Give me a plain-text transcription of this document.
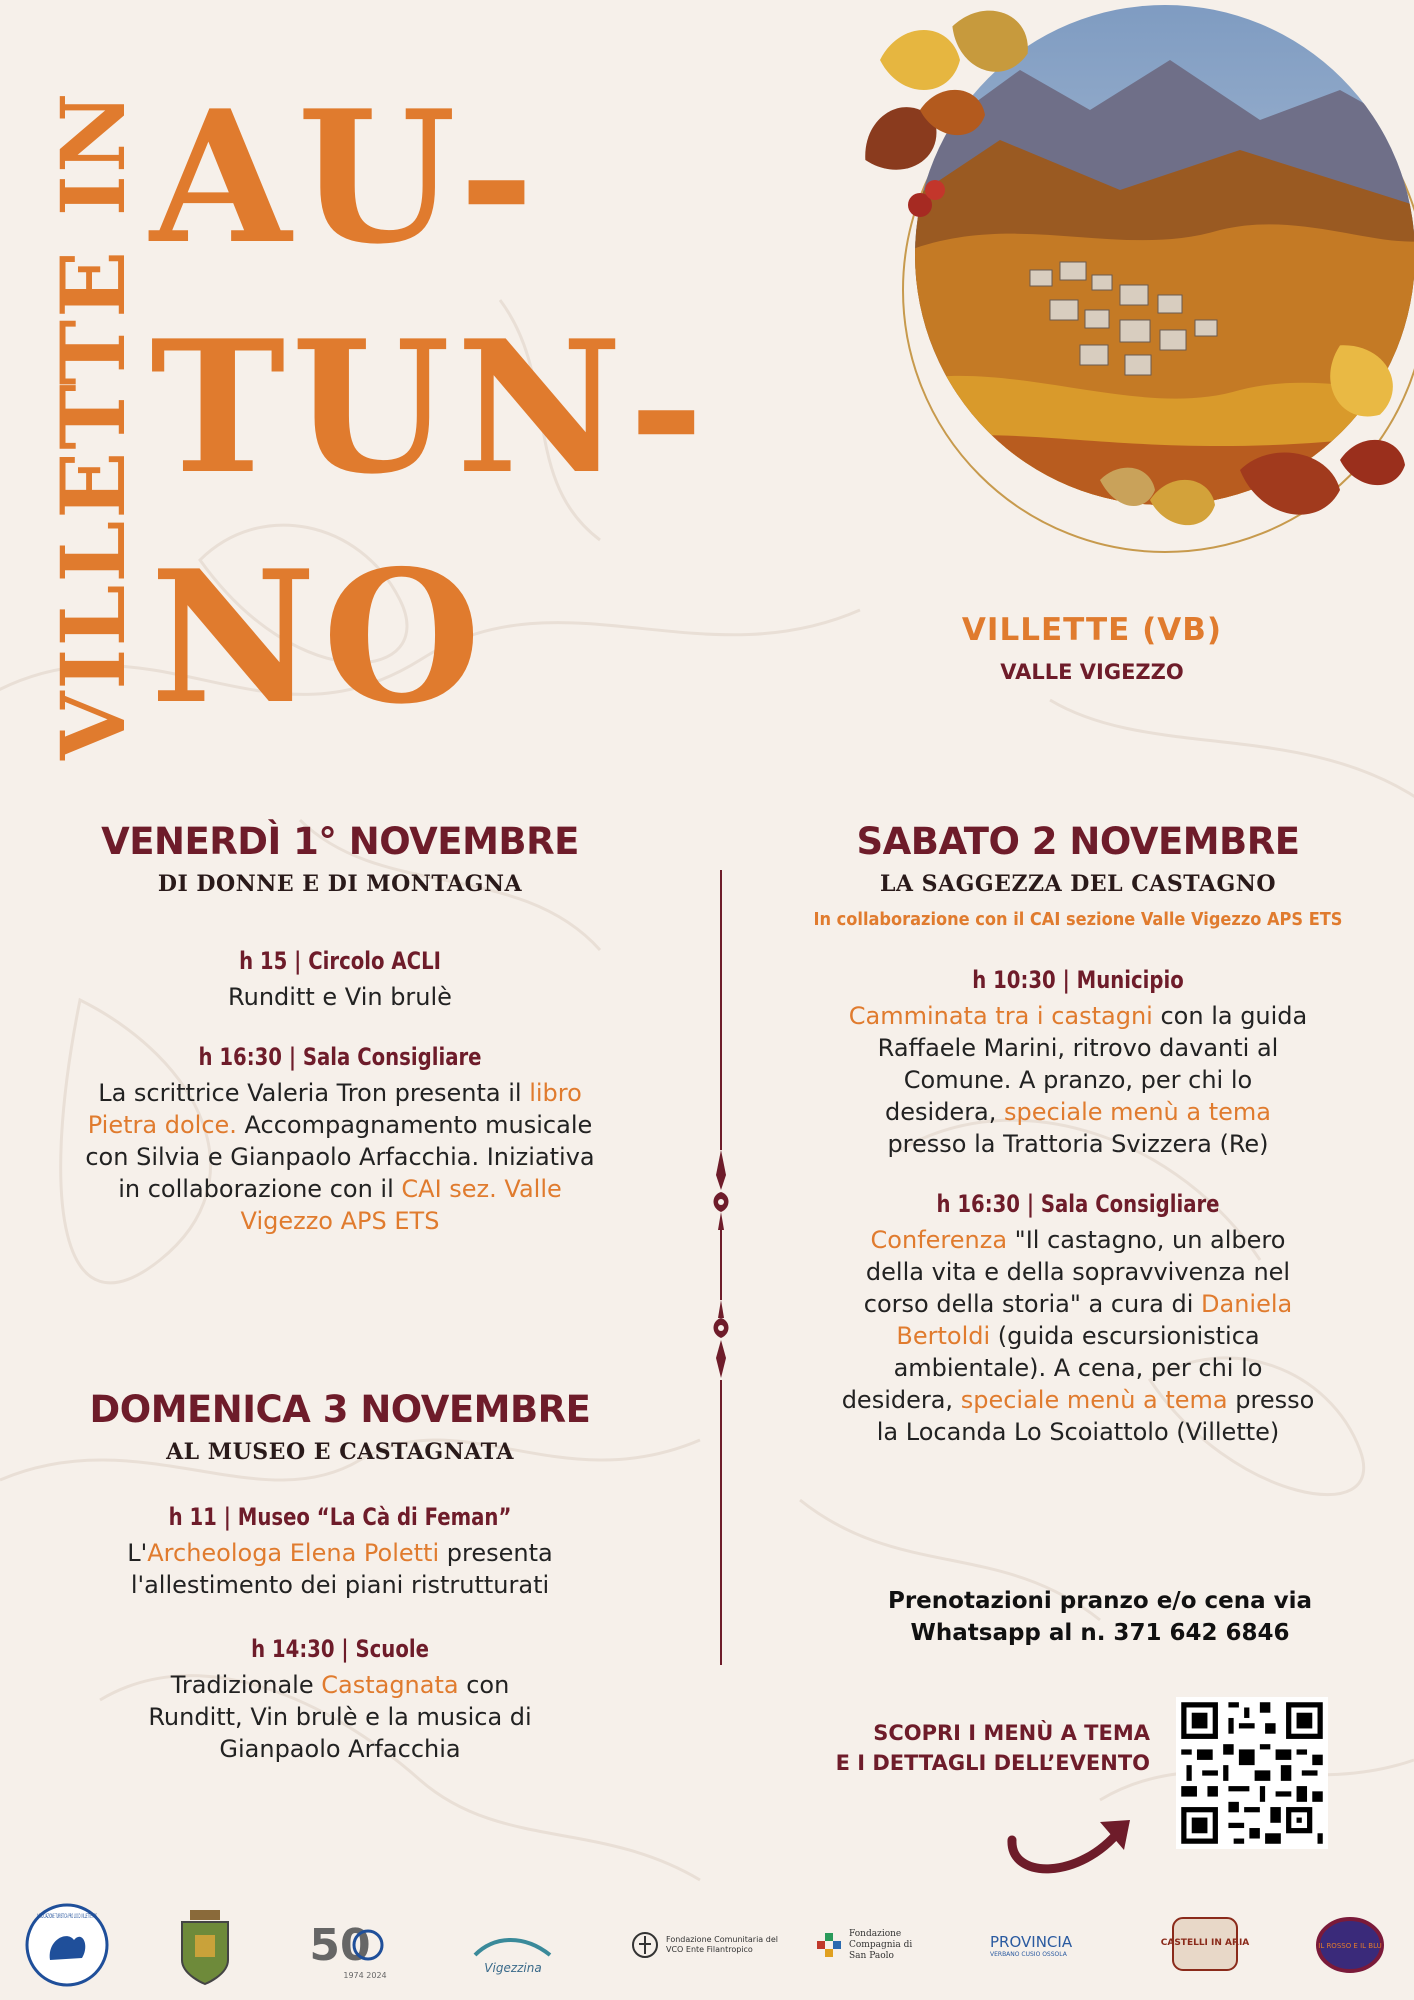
VILLETTE IN AU-
TUN-
NO	VILLETTE (VB)
VALLE VIGEZZO

VENERDÌ 1° NOVEMBRE

DI DONNE E DI MONTAGNA

h 15 | Circolo ACLI

Runditt e Vin brulè

h 16:30 | Sala Consigliare

La scrittrice Valeria Tron presenta il libro Pietra dolce. Accompagnamento musicale con Silvia e Gianpaolo Arfacchia. Iniziativa in collaborazione con il CAI sez. Valle Vigezzo APS ETS

DOMENICA 3 NOVEMBRE

AL MUSEO E CASTAGNATA

h 11 | Museo “La Cà di Feman”

L'Archeologa Elena Poletti presenta l'allestimento dei piani ristrutturati

h 14:30 | Scuole

Tradizionale Castagnata con Runditt, Vin brulè e la musica di Gianpaolo Arfacchia

SABATO 2 NOVEMBRE

LA SAGGEZZA DEL CASTAGNO

In collaborazione con il CAI sezione Valle Vigezzo APS ETS

h 10:30 | Municipio

Camminata tra i castagni con la guida Raffaele Marini, ritrovo davanti al Comune. A pranzo, per chi lo desidera, speciale menù a tema presso la Trattoria Svizzera (Re)

h 16:30 | Sala Consigliare

Conferenza "Il castagno, un albero della vita e della sopravvivenza nel corso della storia" a cura di Daniela Bertoldi (guida escursionistica ambientale). A cena, per chi lo desidera, speciale menù a tema presso la Locanda Lo Scoiattolo (Villette)

Prenotazioni pranzo e/o cena via Whatsapp al n. 371 642 6846
SCOPRI I MENÙ A TEMA
E I DETTAGLI DELL’EVENTO
ASSOCIAZIONE TURISTICA PRO LOCO VILLETTE APS
50
1974 2024
Vigezzina
Fondazione Comunitaria del VCO Ente Filantropico
Fondazione Compagnia di San Paolo
PROVINCIA
VERBANO CUSIO OSSOLA
CASTELLI IN ARIA	IL ROSSO E IL BLU
